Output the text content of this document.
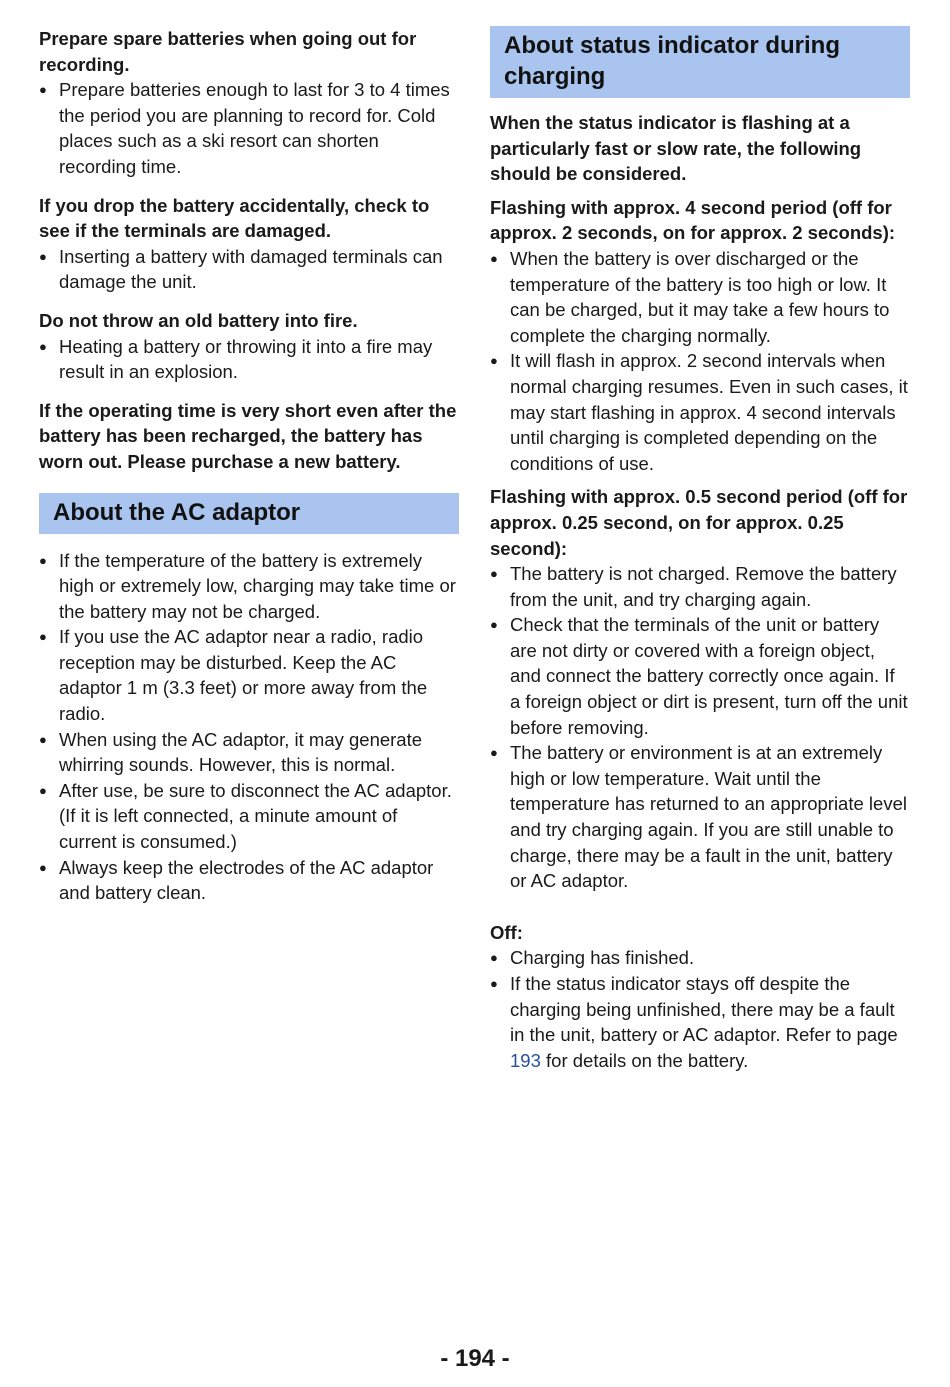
Prepare spare batteries when going out for recording.

● Prepare batteries enough to last for 3 to 4 times the period you are planning to record for. Cold places such as a ski resort can shorten recording time.

If you drop the battery accidentally, check to see if the terminals are damaged.

● Inserting a battery with damaged terminals can damage the unit.

Do not throw an old battery into fire.

● Heating a battery or throwing it into a fire may result in an explosion.

If the operating time is very short even after the battery has been recharged, the battery has worn out. Please purchase a new battery.

About the AC adaptor
● If the temperature of the battery is extremely high or extremely low, charging may take time or the battery may not be charged.
● If you use the AC adaptor near a radio, radio reception may be disturbed. Keep the AC adaptor 1 m (3.3 feet) or more away from the radio.
● When using the AC adaptor, it may generate whirring sounds. However, this is normal.
● After use, be sure to disconnect the AC adaptor. (If it is left connected, a minute amount of current is consumed.)
● Always keep the electrodes of the AC adaptor and battery clean.
About status indicator during charging

When the status indicator is flashing at a particularly fast or slow rate, the following should be considered.

Flashing with approx. 4 second period (off for approx. 2 seconds, on for approx. 2 seconds):

● When the battery is over discharged or the temperature of the battery is too high or low. It can be charged, but it may take a few hours to complete the charging normally.
● It will flash in approx. 2 second intervals when normal charging resumes. Even in such cases, it may start flashing in approx. 4 second intervals until charging is completed depending on the conditions of use.

Flashing with approx. 0.5 second period (off for approx. 0.25 second, on for approx. 0.25 second):

● The battery is not charged. Remove the battery from the unit, and try charging again.
● Check that the terminals of the unit or battery are not dirty or covered with a foreign object, and connect the battery correctly once again. If a foreign object or dirt is present, turn off the unit before removing.
● The battery or environment is at an extremely high or low temperature. Wait until the temperature has returned to an appropriate level and try charging again. If you are still unable to charge, there may be a fault in the unit, battery or AC adaptor.

Off:

● Charging has finished.
● If the status indicator stays off despite the charging being unfinished, there may be a fault in the unit, battery or AC adaptor. Refer to page 193 for details on the battery.
- 194 -
